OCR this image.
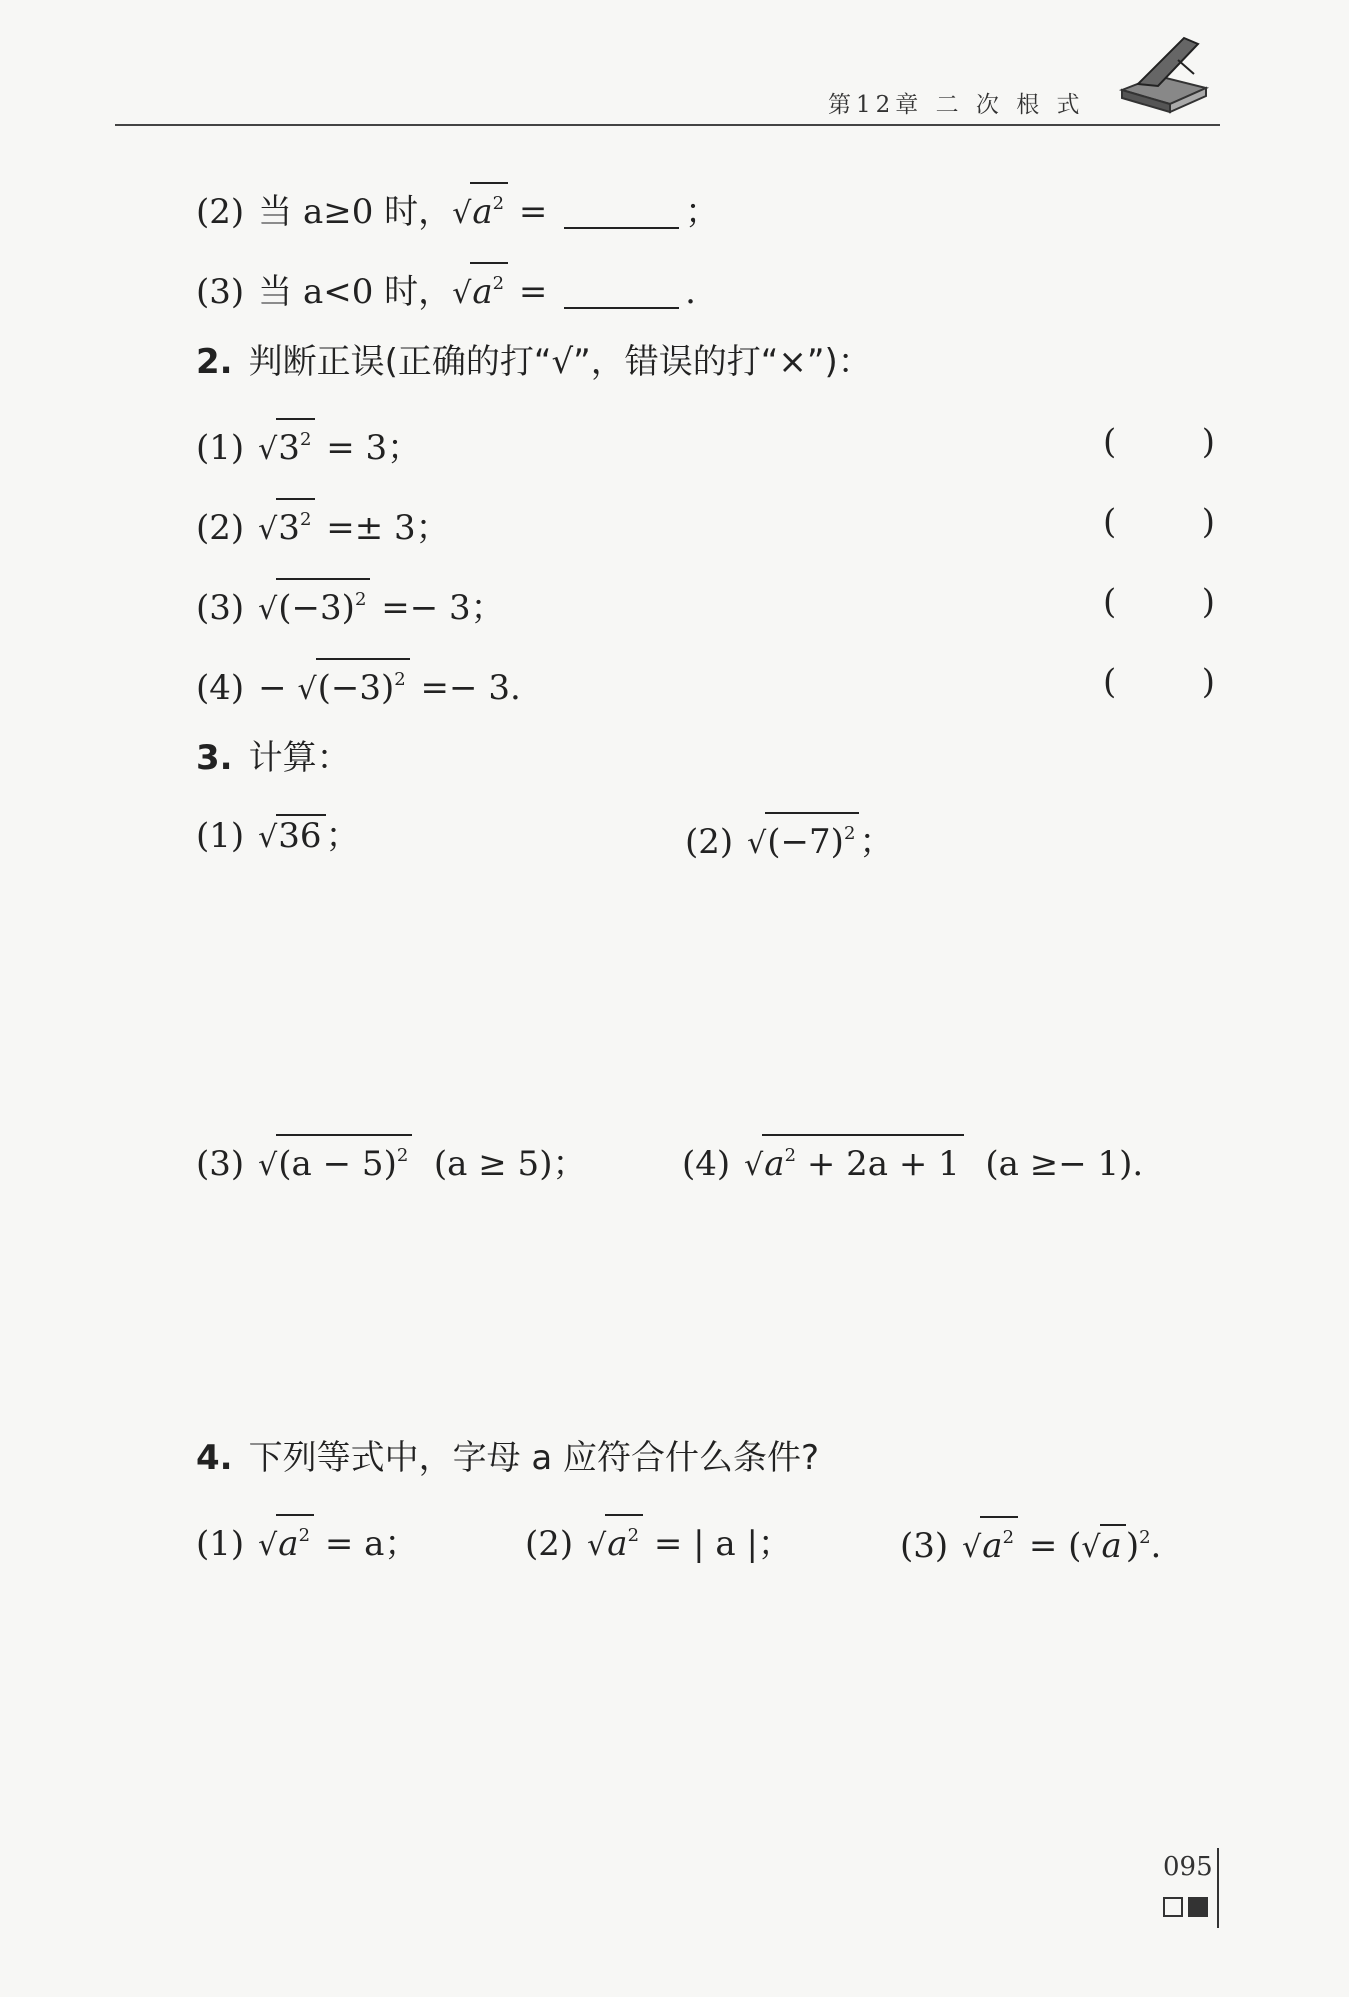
第12章 二 次 根 式
(2) 当 a≥0 时，$√a^2$ =	；
(3) 当 a<0 时，$√a^2$ =	.
2. 判断正误(正确的打“√”，错误的打“×”)：
(1) $√3^2 = 3$；	(	)
(2) $√3^2 =\pm 3$；	(	)
(3) $√(-3)^2 =- 3$；	(	)
$(4) - √(-3)^2 =- 3$.	(	)
3. 计算：
(1) √36 ；	(2) $√(-7)^2$ ；
(3) $√(a - 5)^2$ (a ≥ 5)；	(4) $√a^2 + 2a + 1$ (a ≥− 1).
4. 下列等式中，字母 a 应符合什么条件?
(1) $√a^2 = a$；	(2) $√a^2$ = | a |；	(3) $√a^2 = (√a$ )$^2$.
095
